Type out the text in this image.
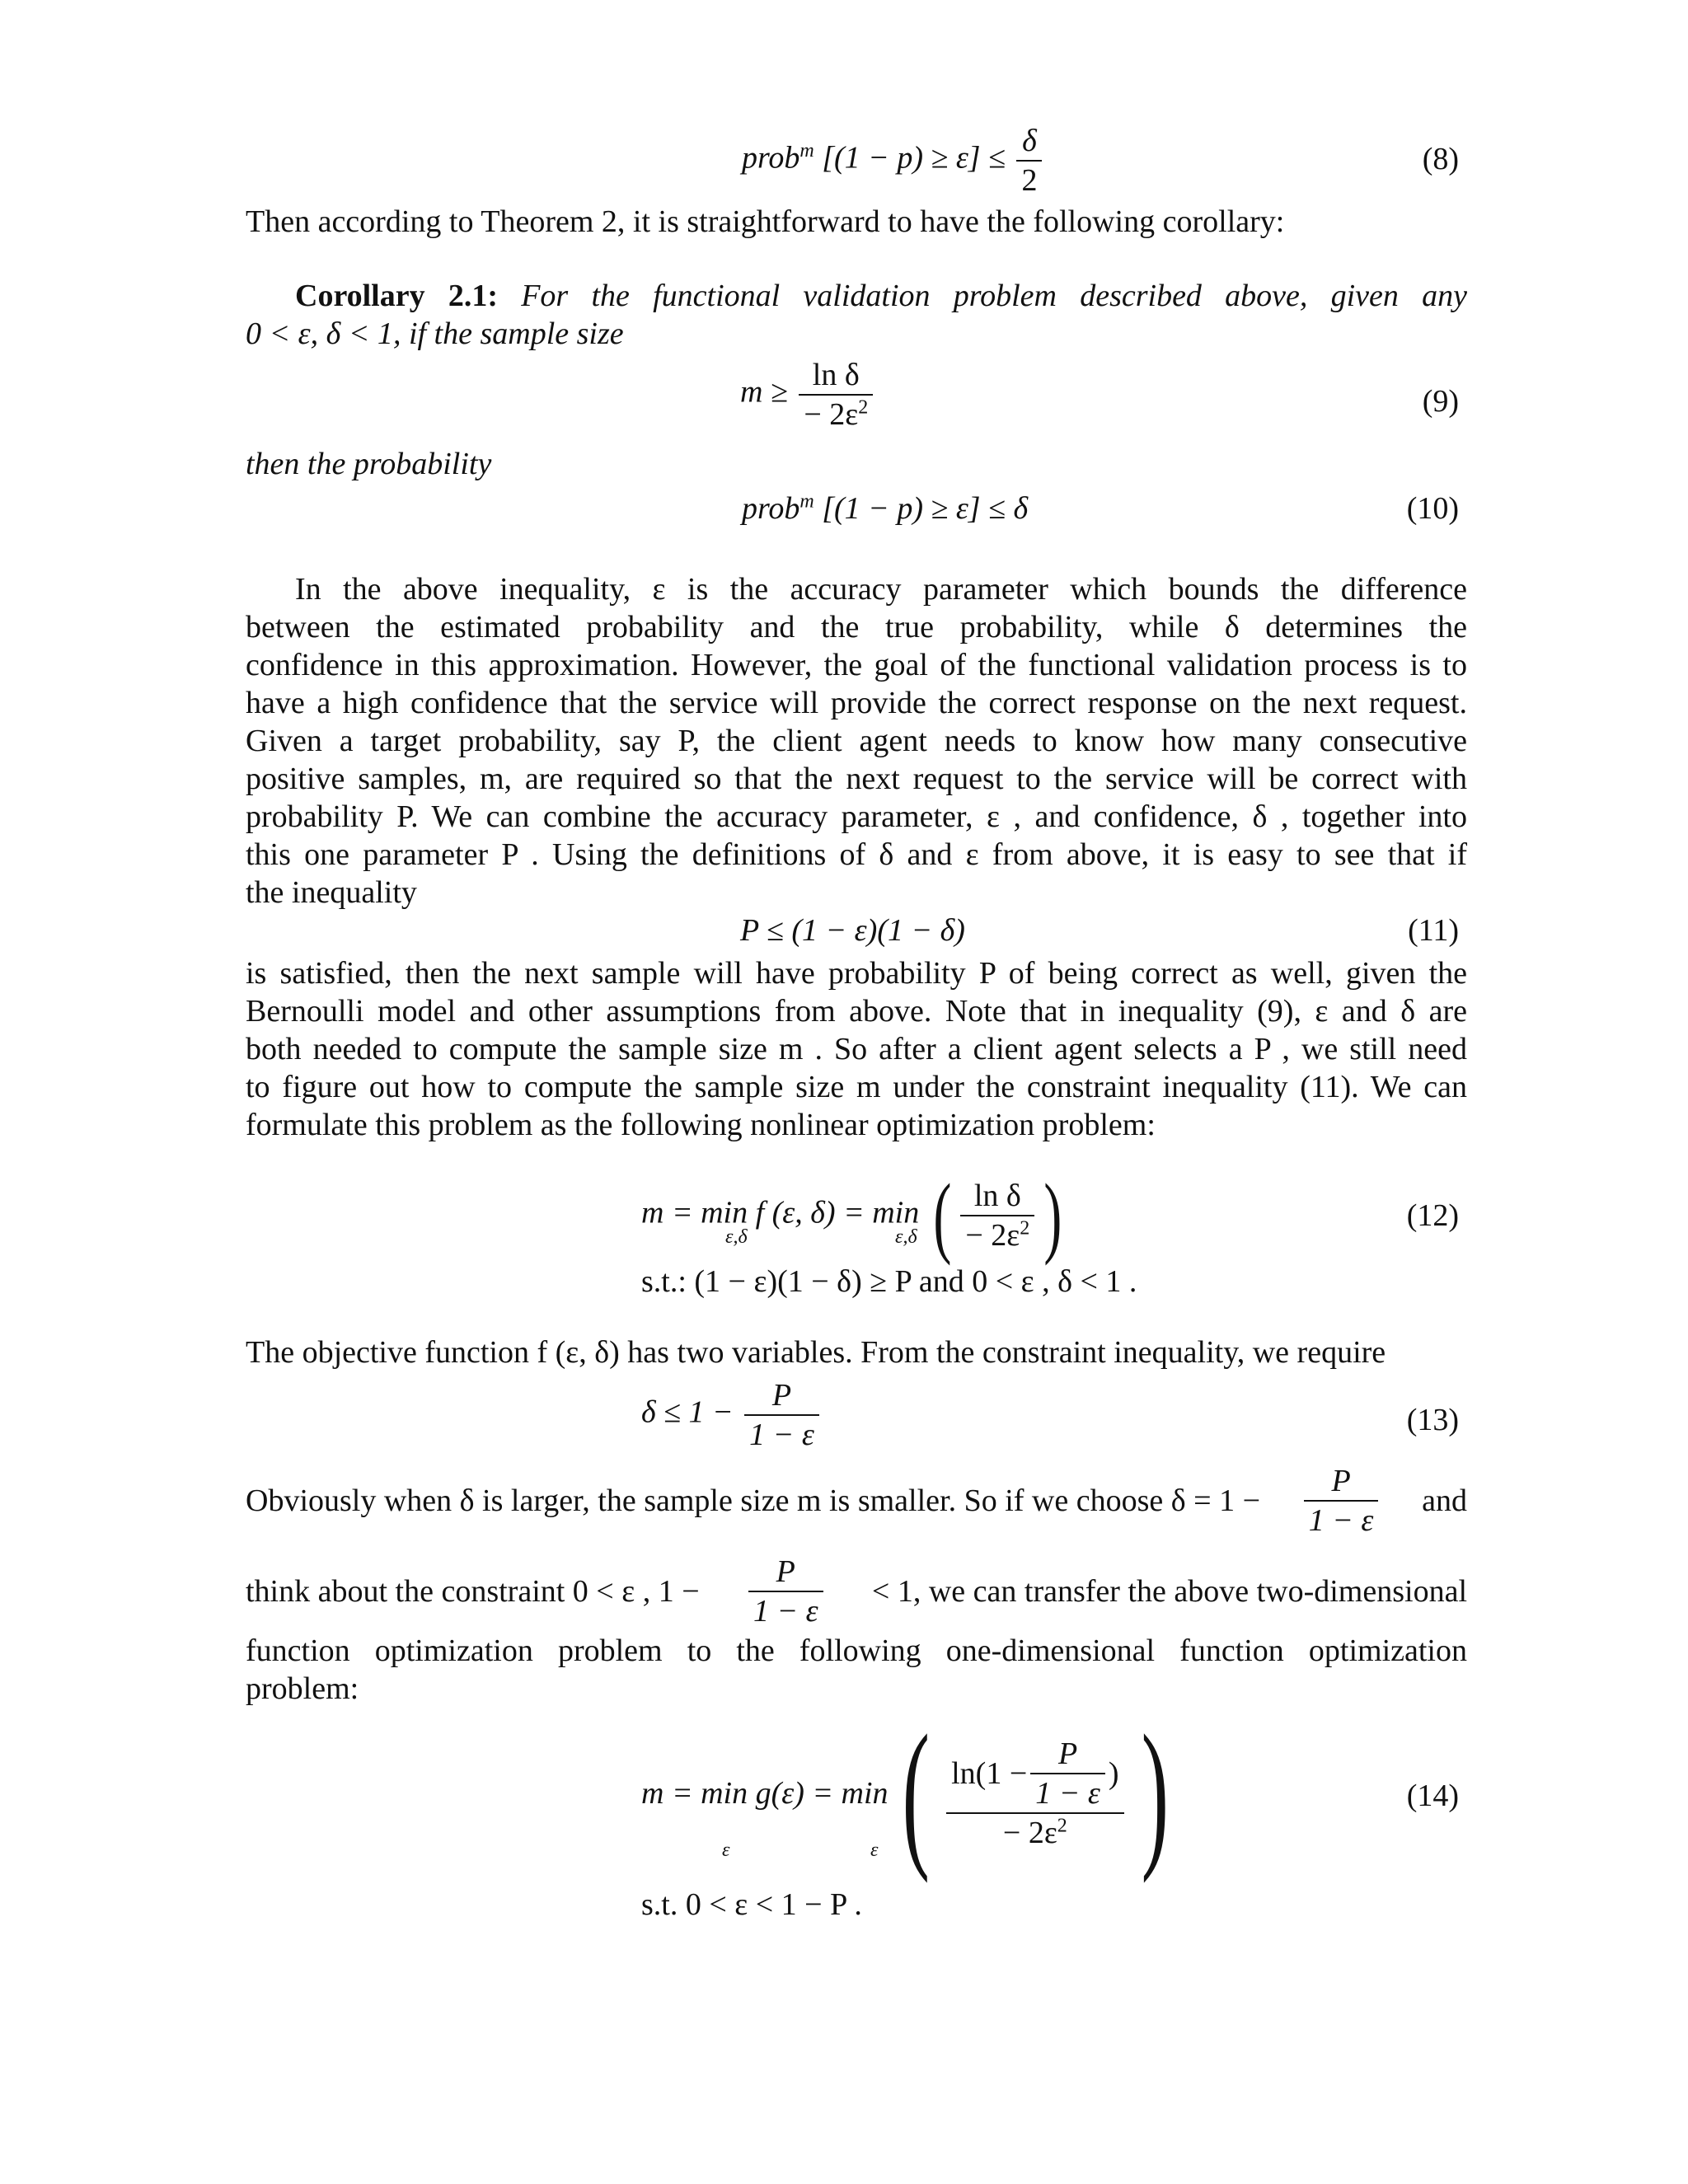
prob$^m$ $[(1 - p) \ge \varepsilon] \le \frac{\delta}{2}$	(8)
Then according to Theorem 2, it is straightforward to have the following corollary:
Corollary 2.1: For the functional validation problem described above, given any
0 < ε, δ < 1, if the sample size
$m \ge \frac{\text{ln δ}}{- 2\varepsilon^2}$	(9)
then the probability
prob$^m$ [(1 − p) ≥ ε] ≤ δ	(10)
In the above inequality, ε is the accuracy parameter which bounds the difference
between the estimated probability and the true probability, while δ determines the
confidence in this approximation. However, the goal of the functional validation process is to
have a high confidence that the service will provide the correct response on the next request.
Given a target probability, say P, the client agent needs to know how many consecutive
positive samples, m, are required so that the next request to the service will be correct with
probability P. We can combine the accuracy parameter, ε , and confidence, δ , together into
this one parameter P . Using the definitions of δ and ε from above, it is easy to see that if
the inequality
P ≤ (1 − ε)(1 − δ)	(11)
is satisfied, then the next sample will have probability P of being correct as well, given the
Bernoulli model and other assumptions from above. Note that in inequality (9), ε and δ are
both needed to compute the sample size m . So after a client agent selects a P , we still need
to figure out how to compute the sample size m under the constraint inequality (11). We can
formulate this problem as the following nonlinear optimization problem:
m = min f (ε, δ) = min ( $\frac{\text{ln δ}}{- 2\varepsilon^2}$ )
ε,δ	ε,δ
(12)
s.t.: (1 − ε)(1 − δ) ≥ P and 0 < ε , δ < 1 .
The objective function f (ε, δ) has two variables. From the constraint inequality, we require
$\delta \le 1 - \frac{P}{1 - \varepsilon}$	(13)
Obviously when δ is larger, the sample size m is smaller. So if we choose $\delta = 1 - \frac{P}{1 - \varepsilon}$ and
think about the constraint 0 < ε , $1 - \frac{P}{1 - \varepsilon} < 1$, we can transfer the above two-dimensional
function optimization problem to the following one-dimensional function optimization
problem:
m = min g(ε) = min ( $\ln(1 - \frac{P}{1 - \varepsilon}$ )
− $2\varepsilon^2$ )
ε	ε
(14)
s.t. 0 < ε < 1 − P .
